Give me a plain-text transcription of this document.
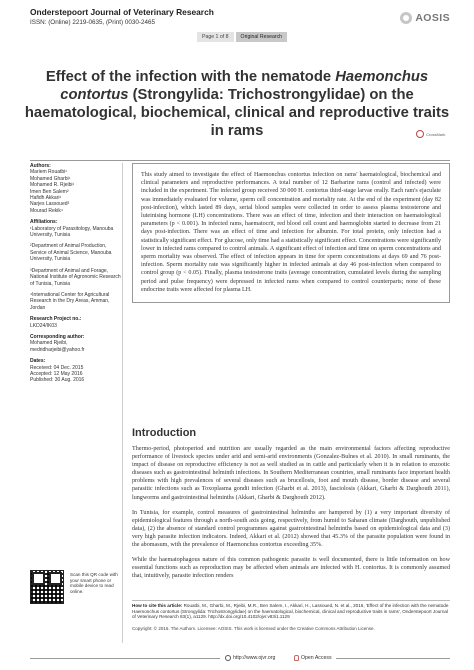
Onderstepoort Journal of Veterinary Research
ISSN: (Online) 2219-0635, (Print) 0030-2465	AOSIS
Page 1 of 8	Original Research
Effect of the infection with the nematode Haemonchus contortus (Strongylida: Trichostrongylidae) on the haematological, biochemical, clinical and reproductive traits in rams	CrossMark
Authors:
Mariem Rouatbi¹
Mohamed Gharbi¹
Mohamed R. Rjeibi¹
Imen Ben Salem²
Hafidh Akkari¹
Narjes Lassoued³
Mourad Rekik⁴
Affiliations:
¹Laboratory of Parasitology, Manouba University, Tunisia
²Department of Animal Production, Service of Animal Science, Manouba University, Tunisia
³Department of Animal and Forage, National Institute of Agronomic Research of Tunisia, Tunisia
⁴International Center for Agricultural Research in the Dry Areas, Amman, Jordan
Research Project no.:
LKD24/IK03
Corresponding author:
Mohamed Rjeibi,
medridharjeibi@yahoo.fr
Dates:
Received: 04 Dec. 2015
Accepted: 12 May 2016
Published: 30 Aug. 2016
Scan this QR code with your smart phone or mobile device to read online.
This study aimed to investigate the effect of Haemonchus contortus infection on rams' haematological, biochemical and clinical parameters and reproductive performances. A total number of 12 Barbarine rams (control and infected) were included in the experiment. The infected group received 30 000 H. contortus third-stage larvae orally. Each ram's ejaculate was immediately evaluated for volume, sperm cell concentration and mortality rate. At the end of the experiment (day 82 post-infection), which lasted 89 days, serial blood samples were collected in order to assess plasma testosterone and luteinising hormone (LH) concentrations. There was an effect of time, infection and their interaction on haematological parameters (p < 0.001). In infected rams, haematocrit, red blood cell count and haemoglobin started to decrease from 21 days post-infection. There was an effect of time and infection for albumin. For total protein, only infection had a statistically significant effect. For glucose, only time had a statistically significant effect. Concentrations were significantly lower in infected rams compared to control animals. A significant effect of infection and time on sperm concentrations and sperm mortality was observed. The effect of infection appears in time for sperm concentrations at days 69 and 76 post-infection. Sperm mortality rate was significantly higher in infected animals at day 46 post-infection when compared to control group (p < 0.05). Finally, plasma testosterone traits (average concentration, cumulated levels during the sampling period and pulse frequency) were depressed in infected rams when compared to control counterparts; none of these endocrine traits were affected for plasma LH.
Introduction

Thermo-period, photoperiod and nutrition are usually regarded as the main environmental factors affecting reproductive performance of livestock species under arid and semi-arid environments (Gonzalez-Bulnes et al. 2010). In small ruminants, the impact of disease on reproductive efficiency is not as well studied as in cattle and particularly when it is in relation to enzootic diseases such as gastrointestinal helminth infections. In Southern Mediterranean countries, small ruminants face important health problems with high prevalences of several diseases such as brucellosis, foot and mouth disease, border disease and several parasitic infections such as Toxoplasma gondii infection (Gharbi et al. 2013), fasciolosis (Akkari, Gharbi & Darghouth 2011), lungworms and gastrointestinal helminths (Akkari, Gharbi & Darghouth 2012).

In Tunisia, for example, control measures of gastrointestinal helminths are hampered by (1) a very important diversity of epidemiological features through a north-south axis going, respectively, from humid to Saharan climate (Darghouth, unpublished data), (2) the absence of standard control programmes against gastrointestinal helminths based on epidemiological data and (3) very high parasite infection indicators. Indeed, Akkari et al. (2012) showed that 45.3% of the parasite population were found in the abomasum, with the prevalence of Haemonchus contortus exceeding 35%.

While the haematophagous nature of this common pathogenic parasite is well documented, there is little information on how essential functions such as reproduction may be affected when animals are infected with H. contortus. It is commonly assumed that, intuitively, parasite infection renders

How to cite this article: Rouatbi, M., Gharbi, M., Rjeibi, M.R., Ben Salem, I., Akkari, H., Lassoued, N. et al., 2016, 'Effect of the infection with the nematode Haemonchus contortus (Strongylida: Trichostrongylidae) on the haematological, biochemical, clinical and reproductive traits in rams', Onderstepoort Journal of Veterinary Research 83(1), a1129. http://dx.doi.org/10.4102/ojvr.v83i1.1129
Copyright: © 2016. The Authors. Licensee: AOSIS. This work is licensed under the Creative Commons Attribution License.
http://www.ojvr.org	Open Access
